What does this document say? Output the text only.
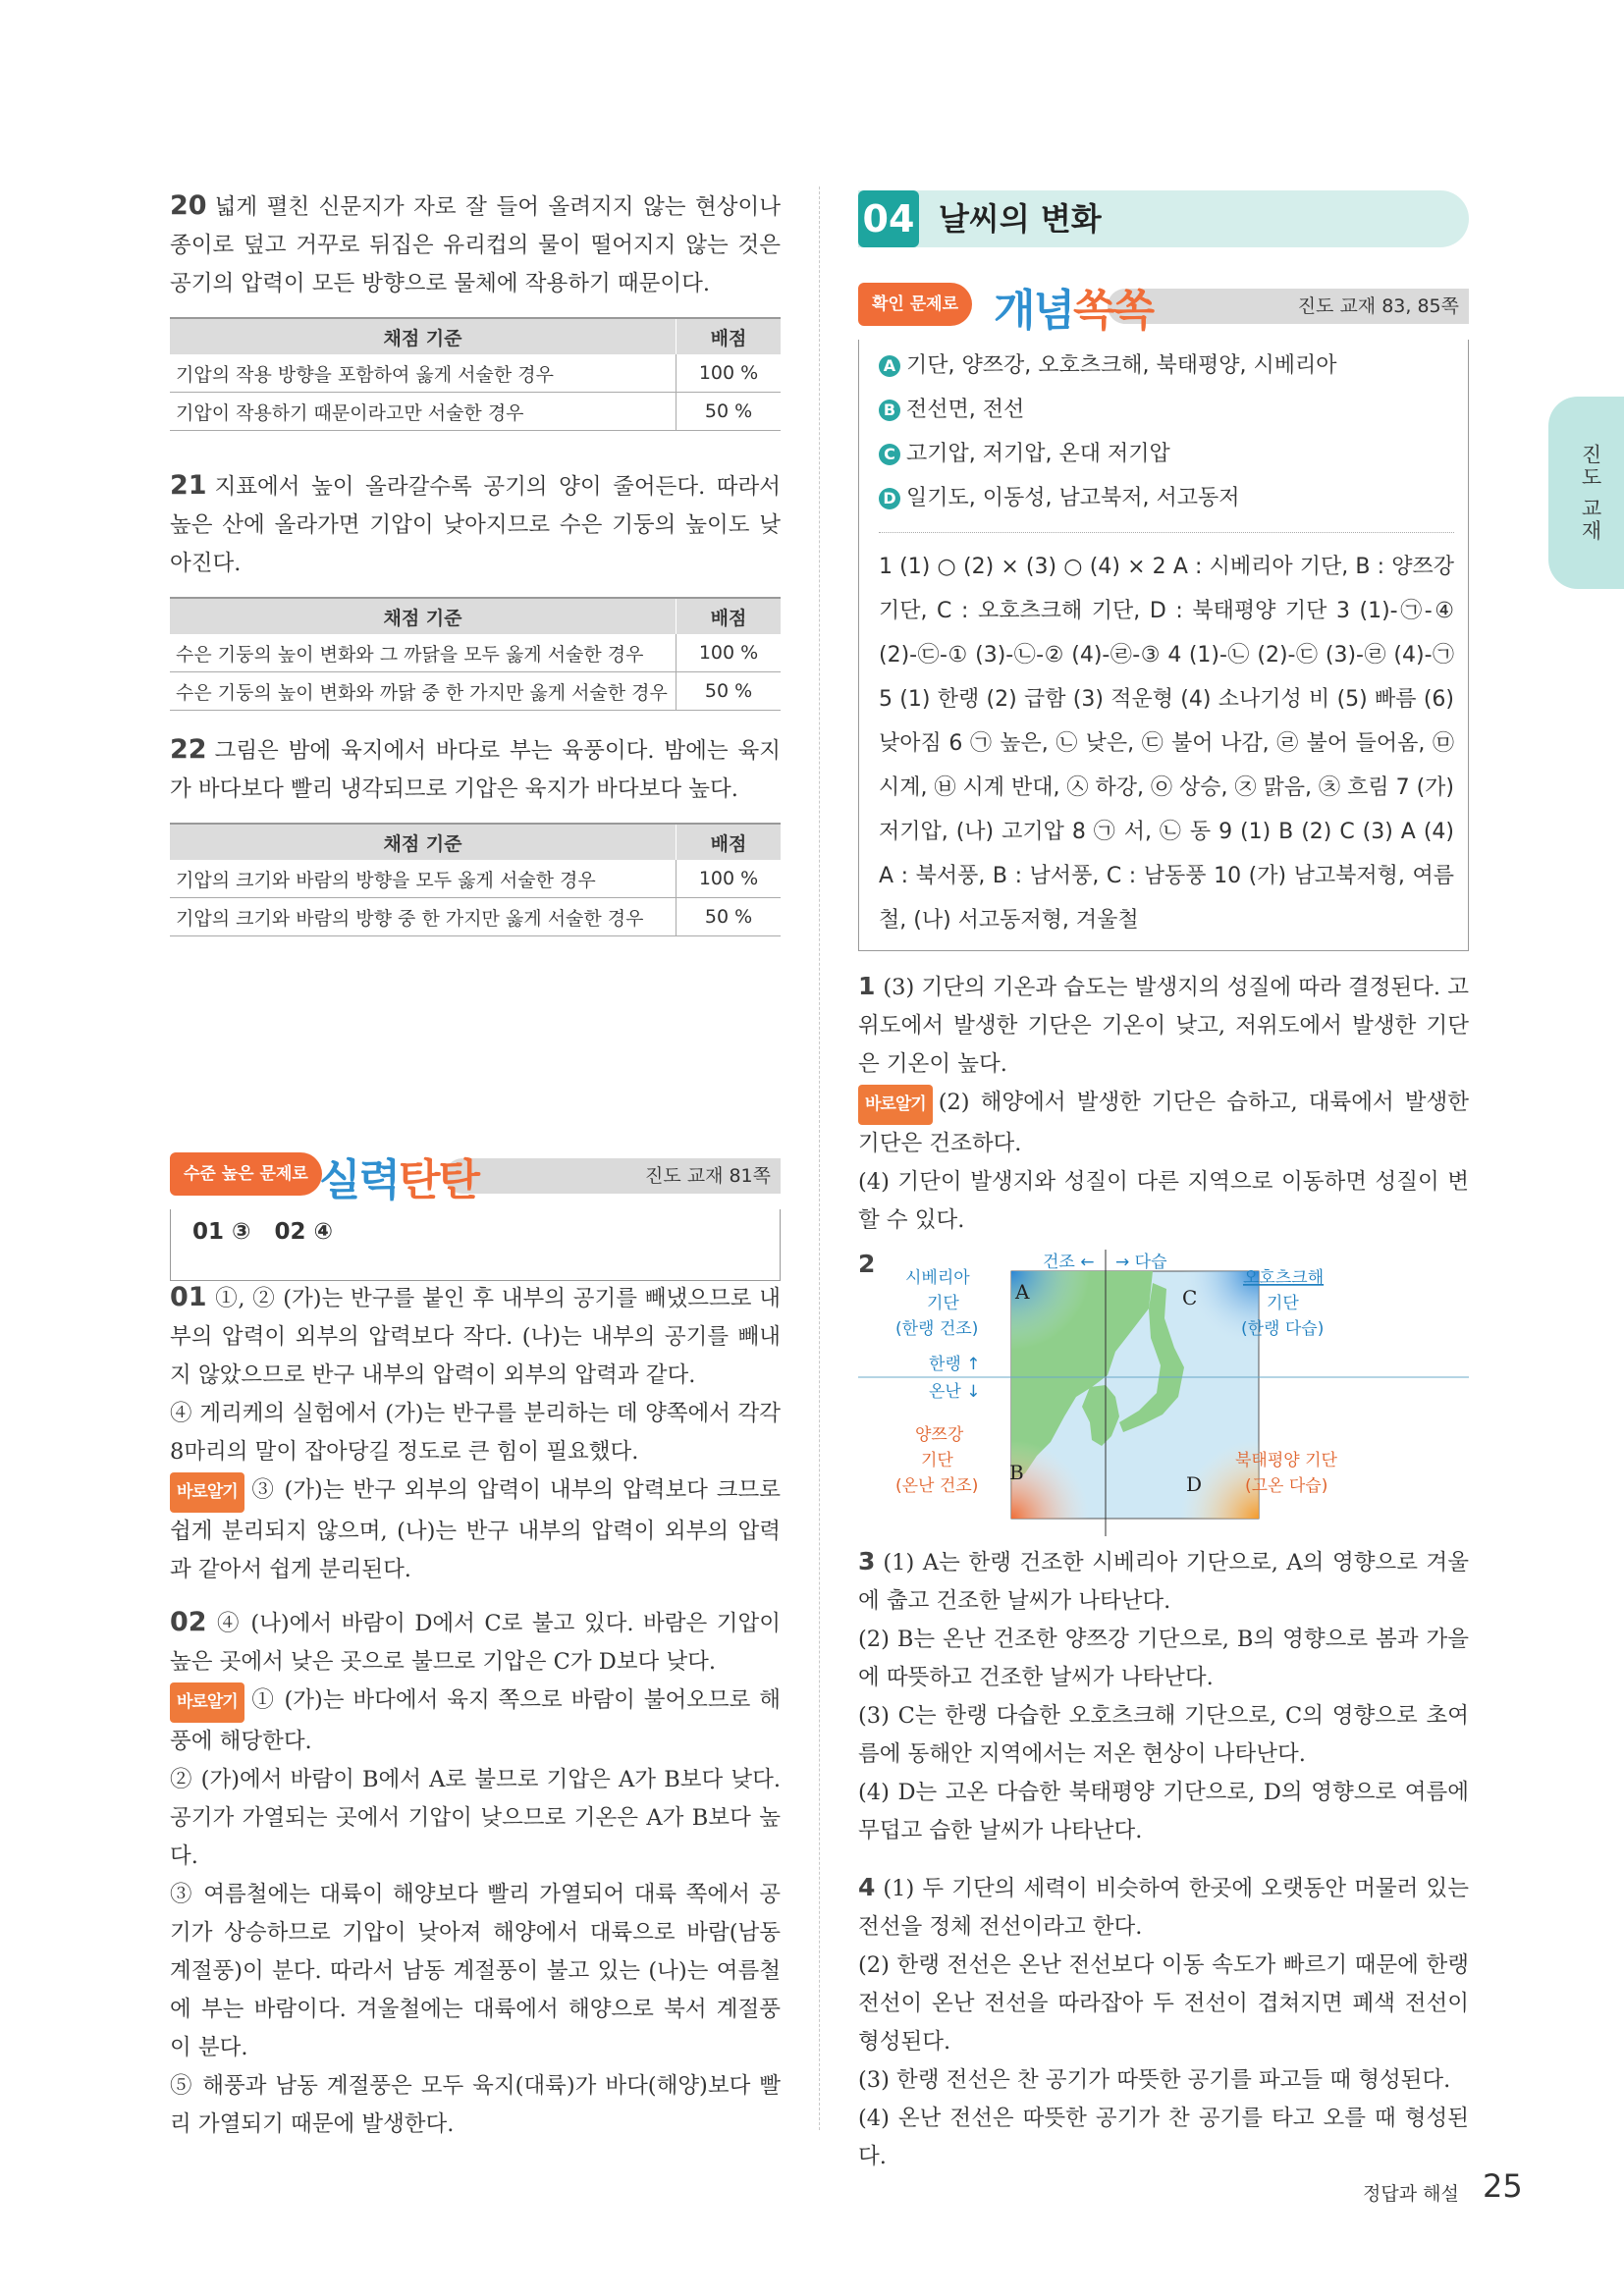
20 넓게 펼친 신문지가 자로 잘 들어 올려지지 않는 현상이나 종이로 덮고 거꾸로 뒤집은 유리컵의 물이 떨어지지 않는 것은 공기의 압력이 모든 방향으로 물체에 작용하기 때문이다.

채점 기준	배점
기압의 작용 방향을 포함하여 옳게 서술한 경우	100 %
기압이 작용하기 때문이라고만 서술한 경우	50 %

21 지표에서 높이 올라갈수록 공기의 양이 줄어든다. 따라서 높은 산에 올라가면 기압이 낮아지므로 수은 기둥의 높이도 낮아진다.

채점 기준	배점
수은 기둥의 높이 변화와 그 까닭을 모두 옳게 서술한 경우	100 %
수은 기둥의 높이 변화와 까닭 중 한 가지만 옳게 서술한 경우	50 %

22 그림은 밤에 육지에서 바다로 부는 육풍이다. 밤에는 육지가 바다보다 빨리 냉각되므로 기압은 육지가 바다보다 높다.

채점 기준	배점
기압의 크기와 바람의 방향을 모두 옳게 서술한 경우	100 %
기압의 크기와 바람의 방향 중 한 가지만 옳게 서술한 경우	50 %
진도 교재 81쪽
수준 높은 문제로 실력탄탄
01 ③   02 ④

01 ①, ② (가)는 반구를 붙인 후 내부의 공기를 빼냈으므로 내부의 압력이 외부의 압력보다 작다. (나)는 내부의 공기를 빼내지 않았으므로 반구 내부의 압력이 외부의 압력과 같다.

④ 게리케의 실험에서 (가)는 반구를 분리하는 데 양쪽에서 각각 8마리의 말이 잡아당길 정도로 큰 힘이 필요했다.

바로알기 ③ (가)는 반구 외부의 압력이 내부의 압력보다 크므로 쉽게 분리되지 않으며, (나)는 반구 내부의 압력이 외부의 압력과 같아서 쉽게 분리된다.

02 ④ (나)에서 바람이 D에서 C로 불고 있다. 바람은 기압이 높은 곳에서 낮은 곳으로 불므로 기압은 C가 D보다 낮다.

바로알기 ① (가)는 바다에서 육지 쪽으로 바람이 불어오므로 해풍에 해당한다.

② (가)에서 바람이 B에서 A로 불므로 기압은 A가 B보다 낮다. 공기가 가열되는 곳에서 기압이 낮으므로 기온은 A가 B보다 높다.

③ 여름철에는 대륙이 해양보다 빨리 가열되어 대륙 쪽에서 공기가 상승하므로 기압이 낮아져 해양에서 대륙으로 바람(남동 계절풍)이 분다. 따라서 남동 계절풍이 불고 있는 (나)는 여름철에 부는 바람이다. 겨울철에는 대륙에서 해양으로 북서 계절풍이 분다.

⑤ 해풍과 남동 계절풍은 모두 육지(대륙)가 바다(해양)보다 빨리 가열되기 때문에 발생한다.

04 날씨의 변화
진도 교재 83, 85쪽
확인 문제로 개념쏙쏙
A 기단, 양쯔강, 오호츠크해, 북태평양, 시베리아
B 전선면, 전선
C 고기압, 저기압, 온대 저기압
D 일기도, 이동성, 남고북저, 서고동저
1 (1) ○ (2) × (3) ○ (4) × 2 A : 시베리아 기단, B : 양쯔강 기단, C : 오호츠크해 기단, D : 북태평양 기단 3 (1)-㉠-④ (2)-㉢-① (3)-㉡-② (4)-㉣-③ 4 (1)-㉡ (2)-㉢ (3)-㉣ (4)-㉠ 5 (1) 한랭 (2) 급함 (3) 적운형 (4) 소나기성 비 (5) 빠름 (6) 낮아짐 6 ㉠ 높은, ㉡ 낮은, ㉢ 불어 나감, ㉣ 불어 들어옴, ㉤ 시계, ㉥ 시계 반대, ㉦ 하강, ㉧ 상승, ㉨ 맑음, ㉩ 흐림 7 (가) 저기압, (나) 고기압 8 ㉠ 서, ㉡ 동 9 (1) B (2) C (3) A (4) A : 북서풍, B : 남서풍, C : 남동풍 10 (가) 남고북저형, 여름철, (나) 서고동저형, 겨울철

1 (3) 기단의 기온과 습도는 발생지의 성질에 따라 결정된다. 고위도에서 발생한 기단은 기온이 낮고, 저위도에서 발생한 기단은 기온이 높다.

바로알기 (2) 해양에서 발생한 기단은 습하고, 대륙에서 발생한 기단은 건조하다.

(4) 기단이 발생지와 성질이 다른 지역으로 이동하면 성질이 변할 수 있다.

2
A	C
B	D
건조 ← → 다습
시베리아
기단
(한랭 건조)
오호츠크해
기단
(한랭 다습)
한랭 ↑
온난 ↓
양쯔강
기단
(온난 건조)
북태평양 기단
(고온 다습)

3 (1) A는 한랭 건조한 시베리아 기단으로, A의 영향으로 겨울에 춥고 건조한 날씨가 나타난다.

(2) B는 온난 건조한 양쯔강 기단으로, B의 영향으로 봄과 가을에 따뜻하고 건조한 날씨가 나타난다.

(3) C는 한랭 다습한 오호츠크해 기단으로, C의 영향으로 초여름에 동해안 지역에서는 저온 현상이 나타난다.

(4) D는 고온 다습한 북태평양 기단으로, D의 영향으로 여름에 무덥고 습한 날씨가 나타난다.

4 (1) 두 기단의 세력이 비슷하여 한곳에 오랫동안 머물러 있는 전선을 정체 전선이라고 한다.

(2) 한랭 전선은 온난 전선보다 이동 속도가 빠르기 때문에 한랭 전선이 온난 전선을 따라잡아 두 전선이 겹쳐지면 폐색 전선이 형성된다.

(3) 한랭 전선은 찬 공기가 따뜻한 공기를 파고들 때 형성된다.

(4) 온난 전선은 따뜻한 공기가 찬 공기를 타고 오를 때 형성된다.

진도 교재
정답과 해설 25
